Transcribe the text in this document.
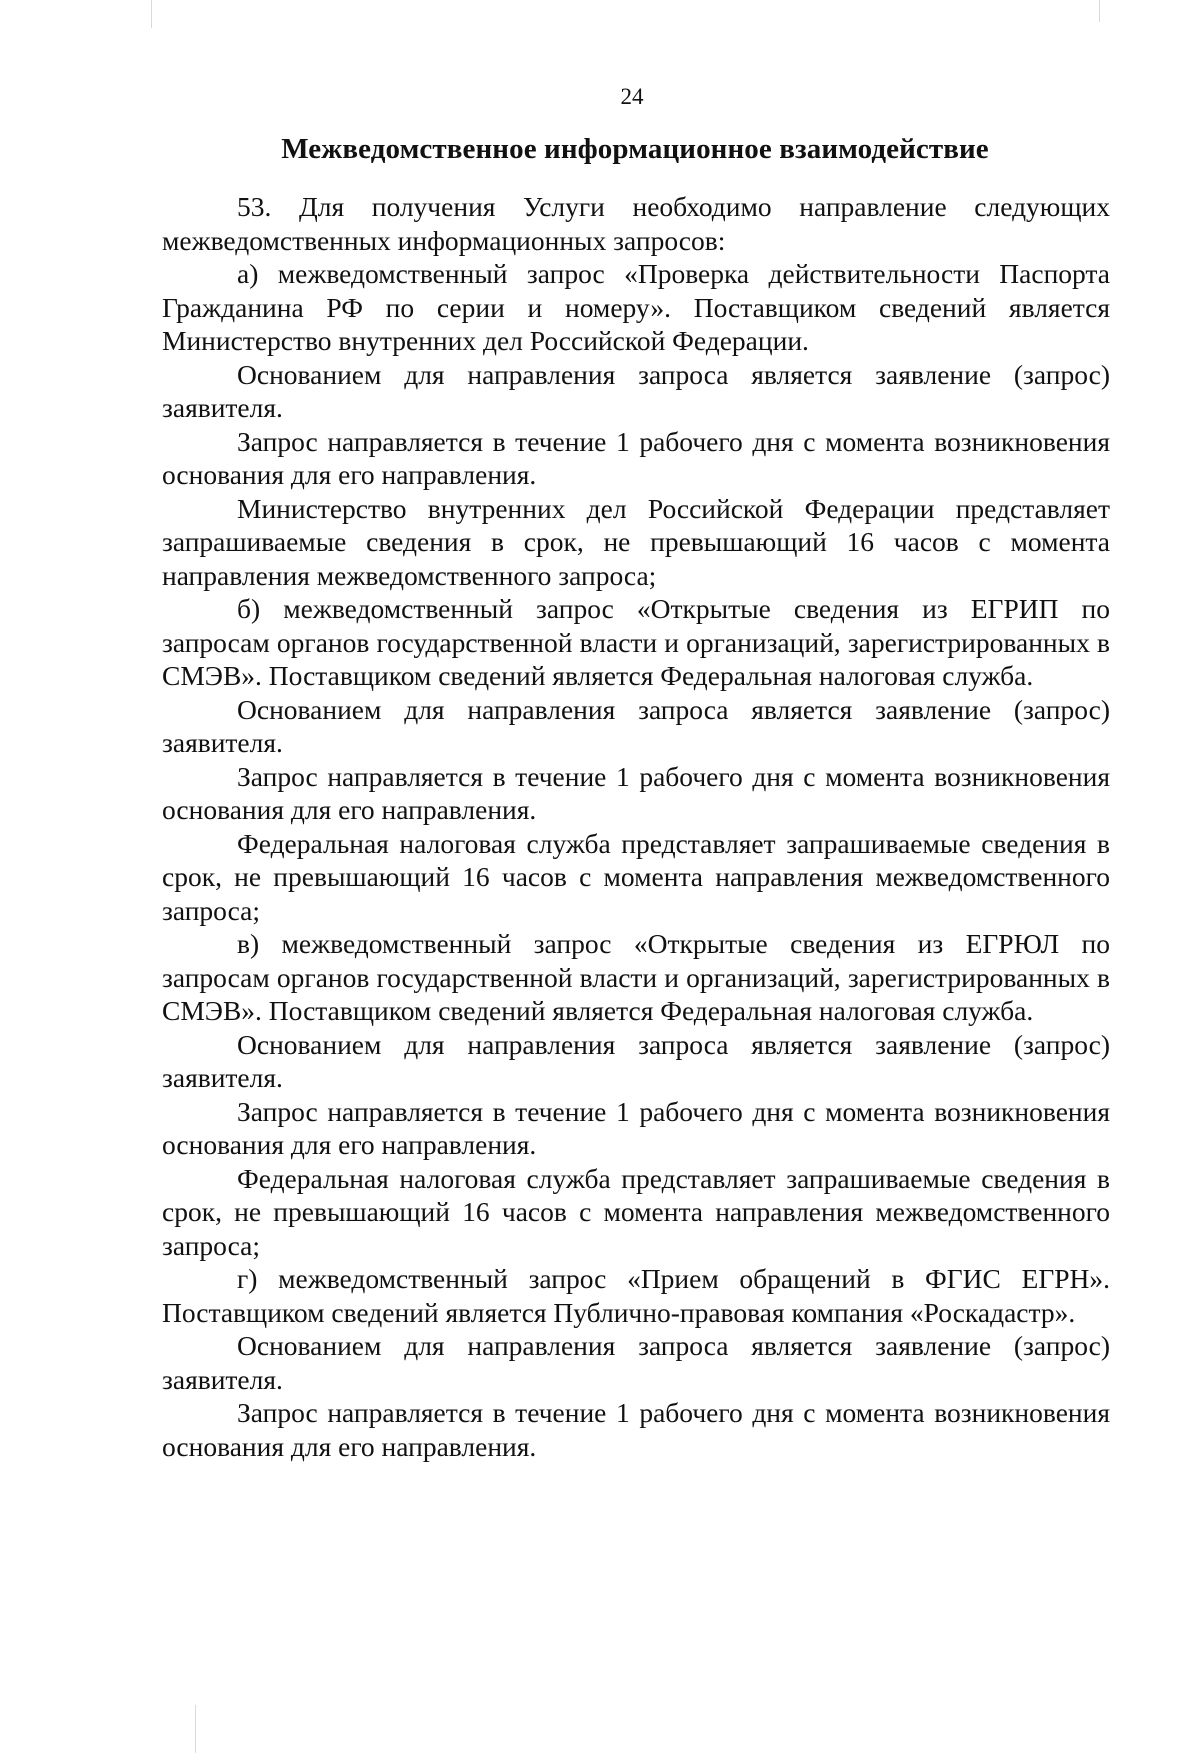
24
Межведомственное информационное взаимодействие

53. Для получения Услуги необходимо направление следующих межведомственных информационных запросов:

а) межведомственный запрос «Проверка действительности Паспорта Гражданина РФ по серии и номеру». Поставщиком сведений является Министерство внутренних дел Российской Федерации.

Основанием для направления запроса является заявление (запрос) заявителя.

Запрос направляется в течение 1 рабочего дня с момента возникновения основания для его направления.

Министерство внутренних дел Российской Федерации представляет запрашиваемые сведения в срок, не превышающий 16 часов с момента направления межведомственного запроса;

б) межведомственный запрос «Открытые сведения из ЕГРИП по запросам органов государственной власти и организаций, зарегистрированных в СМЭВ». Поставщиком сведений является Федеральная налоговая служба.

Основанием для направления запроса является заявление (запрос) заявителя.

Запрос направляется в течение 1 рабочего дня с момента возникновения основания для его направления.

Федеральная налоговая служба представляет запрашиваемые сведения в срок, не превышающий 16 часов с момента направления межведомственного запроса;

в) межведомственный запрос «Открытые сведения из ЕГРЮЛ по запросам органов государственной власти и организаций, зарегистрированных в СМЭВ». Поставщиком сведений является Федеральная налоговая служба.

Основанием для направления запроса является заявление (запрос) заявителя.

Запрос направляется в течение 1 рабочего дня с момента возникновения основания для его направления.

Федеральная налоговая служба представляет запрашиваемые сведения в срок, не превышающий 16 часов с момента направления межведомственного запроса;

г) межведомственный запрос «Прием обращений в ФГИС ЕГРН». Поставщиком сведений является Публично-правовая компания «Роскадастр».

Основанием для направления запроса является заявление (запрос) заявителя.

Запрос направляется в течение 1 рабочего дня с момента возникновения основания для его направления.
